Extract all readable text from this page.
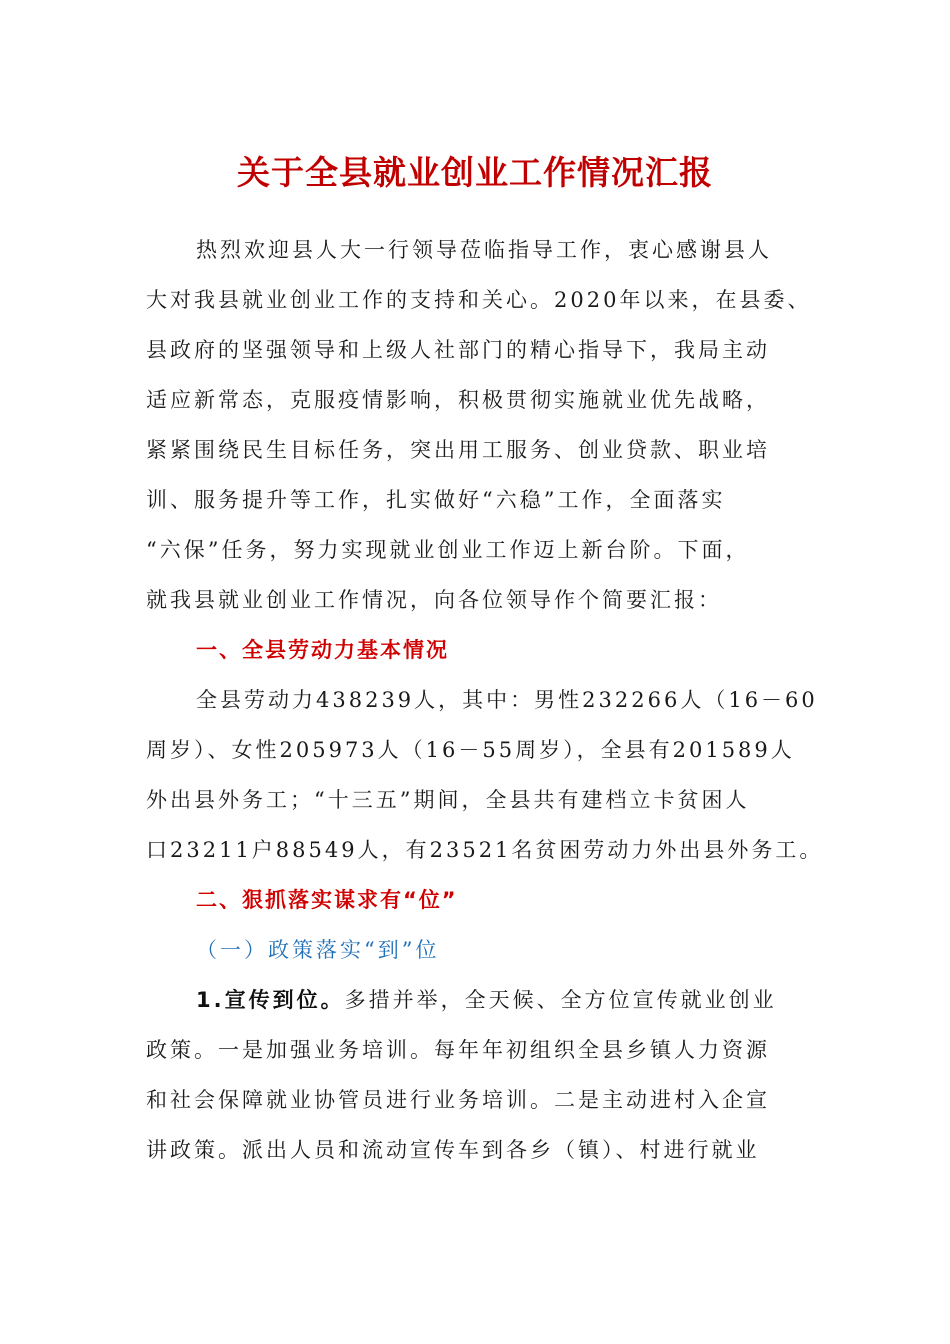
关于全县就业创业工作情况汇报
热烈欢迎县人大一行领导莅临指导工作，衷心感谢县人
大对我县就业创业工作的支持和关心。2020年以来，在县委、
县政府的坚强领导和上级人社部门的精心指导下，我局主动
适应新常态，克服疫情影响，积极贯彻实施就业优先战略，
紧紧围绕民生目标任务，突出用工服务、创业贷款、职业培
训、服务提升等工作，扎实做好“六稳”工作，全面落实
“六保”任务，努力实现就业创业工作迈上新台阶。下面，
就我县就业创业工作情况，向各位领导作个简要汇报：
一、全县劳动力基本情况
全县劳动力438239人，其中：男性232266人（16－60
周岁）、女性205973人（16－55周岁），全县有201589人
外出县外务工；“十三五”期间，全县共有建档立卡贫困人
口23211户88549人，有23521名贫困劳动力外出县外务工。
二、狠抓落实谋求有“位”
（一）政策落实“到”位
1.宣传到位。多措并举，全天候、全方位宣传就业创业
政策。一是加强业务培训。每年年初组织全县乡镇人力资源
和社会保障就业协管员进行业务培训。二是主动进村入企宣
讲政策。派出人员和流动宣传车到各乡（镇）、村进行就业
